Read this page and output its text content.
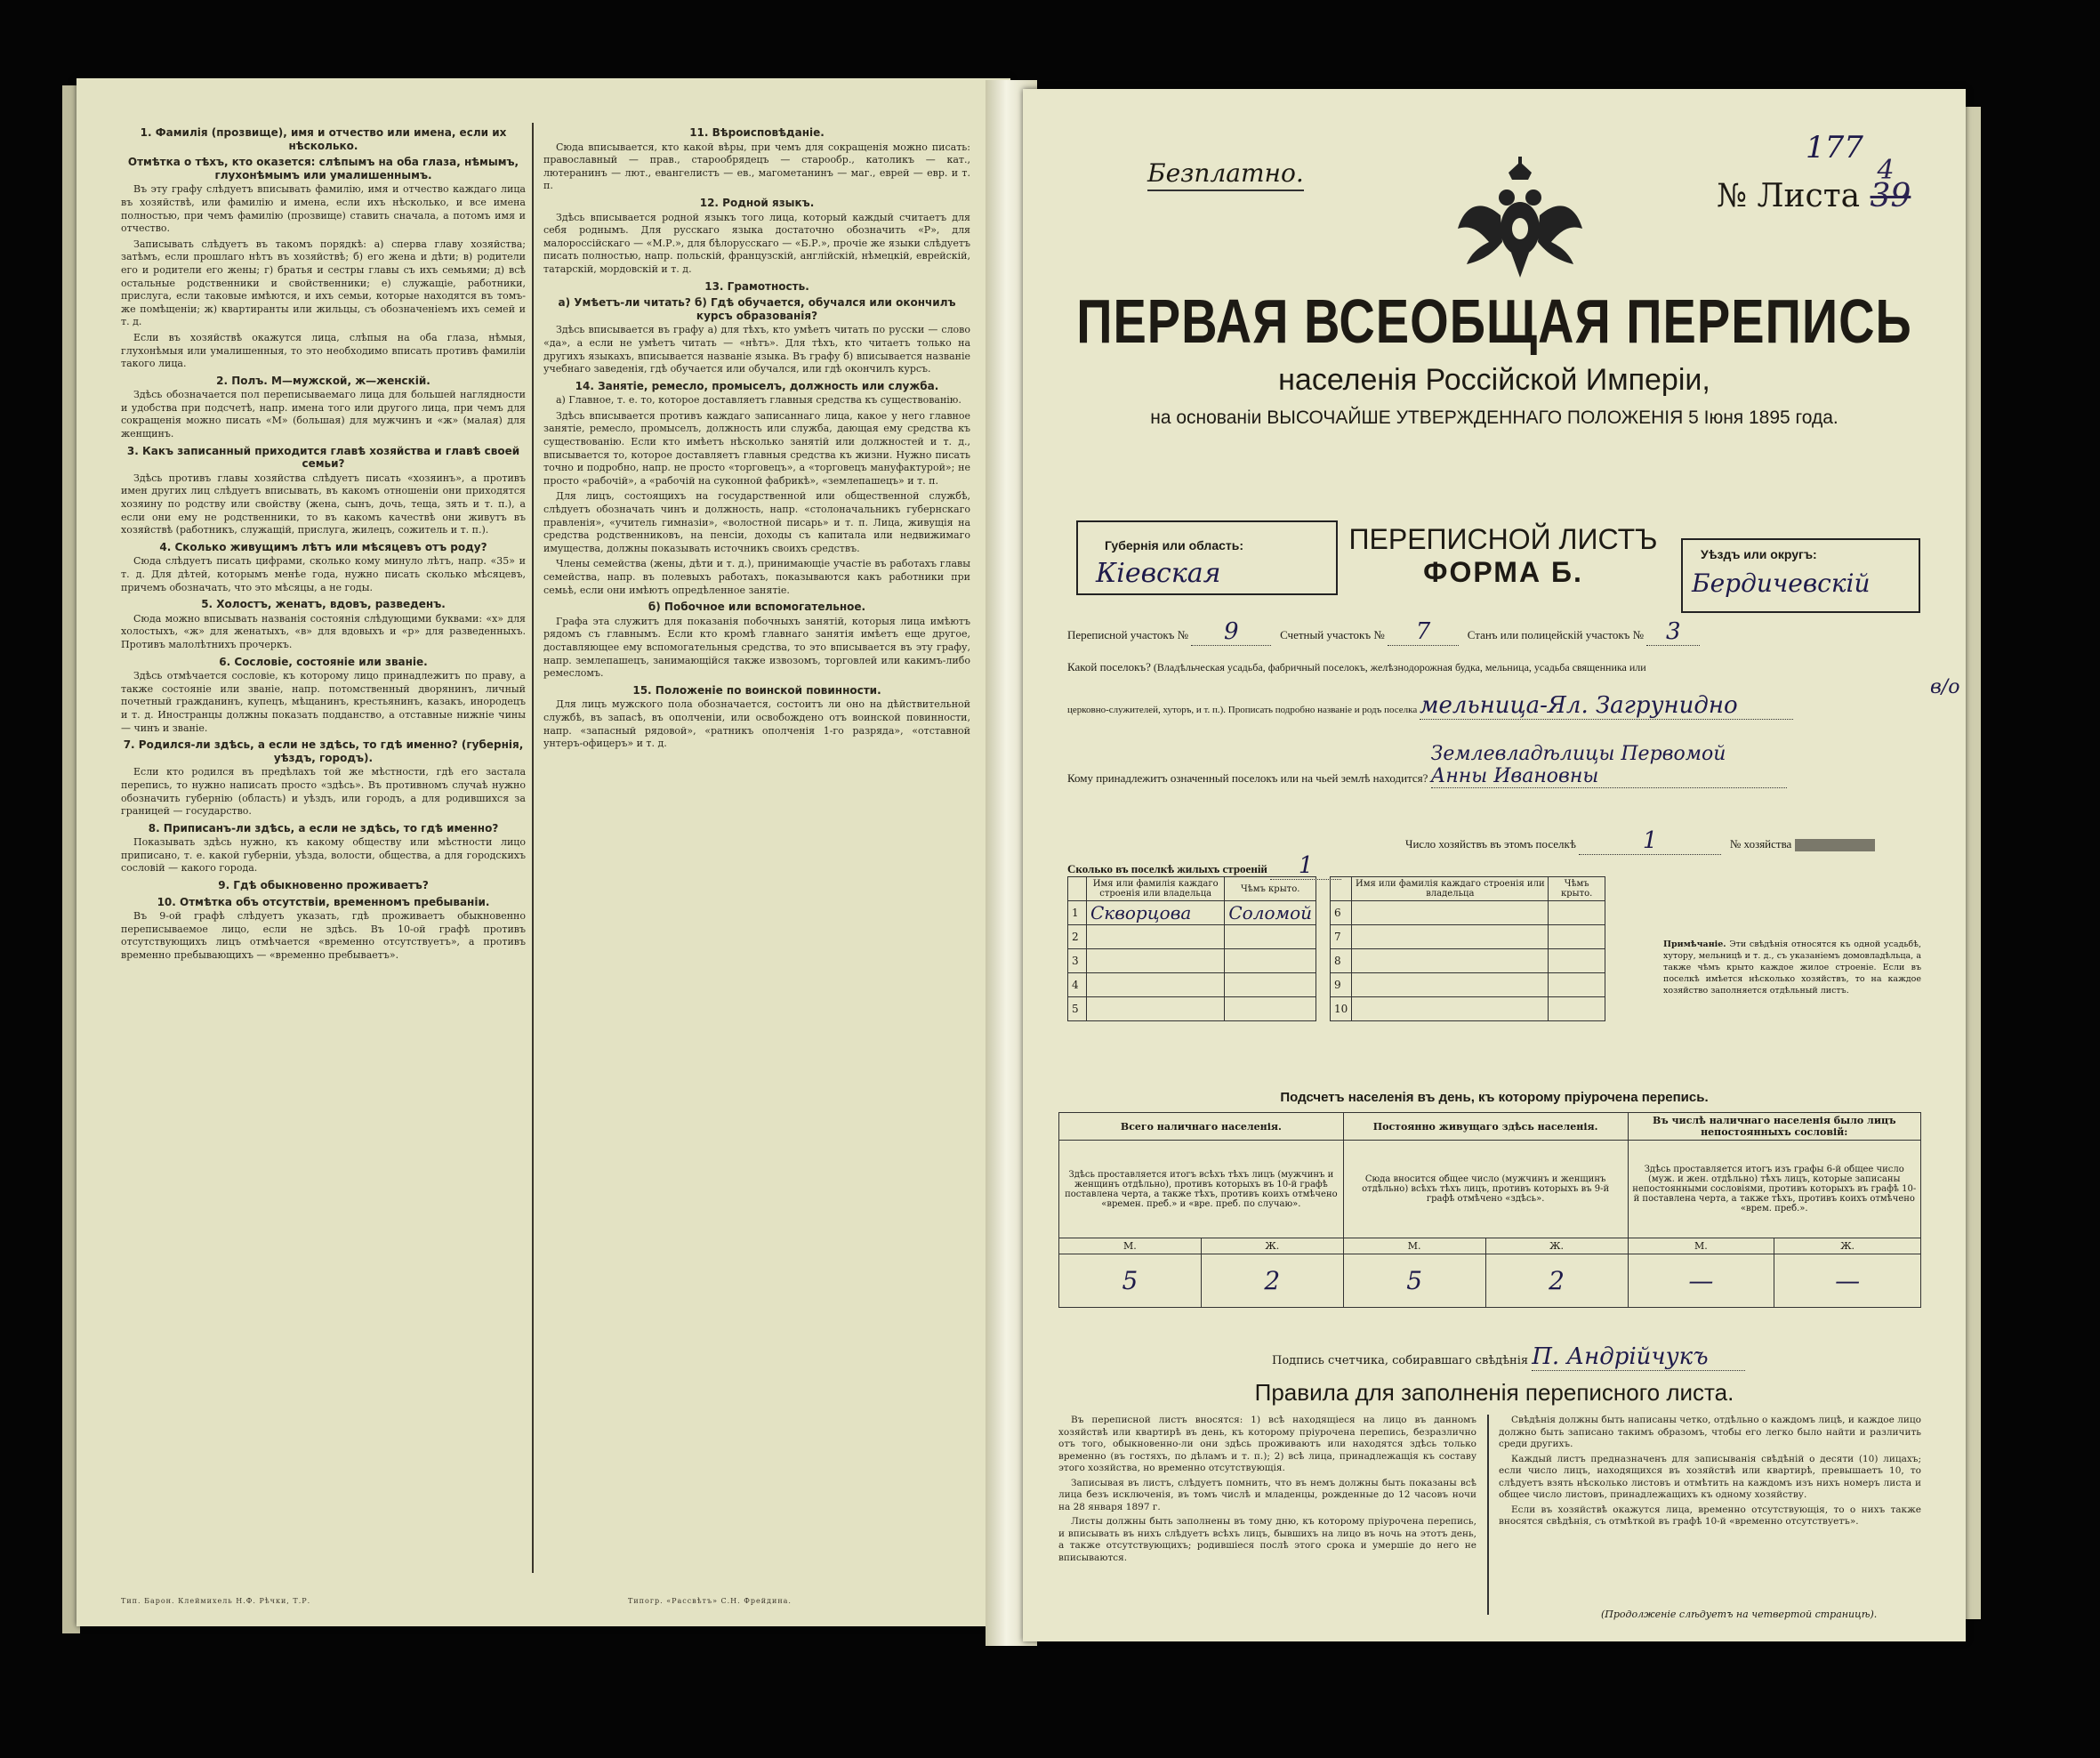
1. Фамилія (прозвище), имя и отчество или имена, если их нѣсколько.
Отмѣтка о тѣхъ, кто оказется: слѣпымъ на оба глаза, нѣмымъ, глухонѣмымъ или умалишеннымъ.

Въ эту графу слѣдуетъ вписывать фамилію, имя и отчество каждаго лица въ хозяйствѣ, или фамилію и имена, если ихъ нѣсколько, и все имена полностью, при чемъ фамилію (прозвище) ставить сначала, а потомъ имя и отчество.

Записывать слѣдуетъ въ такомъ порядкѣ: а) сперва главу хозяйства; затѣмъ, если прошлаго нѣтъ въ хозяйствѣ; б) его жена и дѣти; в) родители его и родители его жены; г) братья и сестры главы съ ихъ семьями; д) всѣ остальные родственники и свойственники; е) служащіе, работники, прислуга, если таковые имѣются, и ихъ семьи, которые находятся въ томъ-же помѣщеніи; ж) квартиранты или жильцы, съ обозначеніемъ ихъ семей и т. д.

Если въ хозяйствѣ окажутся лица, слѣпыя на оба глаза, нѣмыя, глухонѣмыя или умалишенныя, то это необходимо вписать противъ фамиліи такого лица.

2. Полъ. М—мужской, ж—женскій.

Здѣсь обозначается пол переписываемаго лица для большей наглядности и удобства при подсчетѣ, напр. имена того или другого лица, при чемъ для сокращенія можно писать «М» (большая) для мужчинъ и «ж» (малая) для женщинъ.

3. Какъ записанный приходится главѣ хозяйства и главѣ своей семьи?

Здѣсь противъ главы хозяйства слѣдуетъ писать «хозяинъ», а противъ имен других лиц слѣдуетъ вписывать, въ какомъ отношеніи они приходятся хозяину по родству или свойству (жена, сынъ, дочь, теща, зять и т. п.), а если они ему не родственники, то въ какомъ качествѣ они живутъ въ хозяйствѣ (работникъ, служащій, прислуга, жилецъ, сожитель и т. п.).

4. Сколько живущимъ лѣтъ или мѣсяцевъ отъ роду?

Сюда слѣдуетъ писать цифрами, сколько кому минуло лѣтъ, напр. «35» и т. д. Для дѣтей, которымъ менѣе года, нужно писать сколько мѣсяцевъ, причемъ обозначать, что это мѣсяцы, а не годы.

5. Холостъ, женатъ, вдовъ, разведенъ.

Сюда можно вписывать названія состоянія слѣдующими буквами: «х» для холостыхъ, «ж» для женатыхъ, «в» для вдовыхъ и «р» для разведенныхъ. Противъ малолѣтнихъ прочеркъ.

6. Сословіе, состояніе или званіе.

Здѣсь отмѣчается сословіе, къ которому лицо принадлежитъ по праву, а также состояніе или званіе, напр. потомственный дворянинъ, личный почетный гражданинъ, купецъ, мѣщанинъ, крестьянинъ, казакъ, инородецъ и т. д. Иностранцы должны показать подданство, а отставные нижніе чины — чинъ и званіе.

7. Родился-ли здѣсь, а если не здѣсь, то гдѣ именно? (губернія, уѣздъ, городъ).

Если кто родился въ предѣлахъ той же мѣстности, гдѣ его застала перепись, то нужно написать просто «здѣсь». Въ противномъ случаѣ нужно обозначить губернію (область) и уѣздъ, или городъ, а для родившихся за границей — государство.

8. Приписанъ-ли здѣсь, а если не здѣсь, то гдѣ именно?

Показывать здѣсь нужно, къ какому обществу или мѣстности лицо приписано, т. е. какой губерніи, уѣзда, волости, общества, а для городскихъ сословій — какого города.

9. Гдѣ обыкновенно проживаетъ?
10. Отмѣтка объ отсутствіи, временномъ пребываніи.

Въ 9-ой графѣ слѣдуетъ указать, гдѣ проживаетъ обыкновенно переписываемое лицо, если не здѣсь. Въ 10-ой графѣ противъ отсутствующихъ лицъ отмѣчается «временно отсутствуетъ», а противъ временно пребывающихъ — «временно пребываетъ».

11. Вѣроисповѣданіе.

Сюда вписывается, кто какой вѣры, при чемъ для сокращенія можно писать: православный — прав., старообрядецъ — старообр., католикъ — кат., лютеранинъ — лют., евангелистъ — ев., магометанинъ — маг., еврей — евр. и т. п.

12. Родной языкъ.

Здѣсь вписывается родной языкъ того лица, который каждый считаетъ для себя роднымъ. Для русскаго языка достаточно обозначить «Р», для малороссійскаго — «М.Р.», для бѣлорусскаго — «Б.Р.», прочіе же языки слѣдуетъ писать полностью, напр. польскій, французскій, англійскій, нѣмецкій, еврейскій, татарскій, мордовскій и т. д.

13. Грамотность.
а) Умѣетъ-ли читать? б) Гдѣ обучается, обучался или окончилъ курсъ образованія?

Здѣсь вписывается въ графу а) для тѣхъ, кто умѣетъ читать по русски — слово «да», а если не умѣетъ читать — «нѣтъ». Для тѣхъ, кто читаетъ только на другихъ языкахъ, вписывается названіе языка. Въ графу б) вписывается названіе учебнаго заведенія, гдѣ обучается или обучался, или гдѣ окончилъ курсъ.

14. Занятіе, ремесло, промыселъ, должность или служба.

а) Главное, т. е. то, которое доставляетъ главныя средства къ существованію.

Здѣсь вписывается противъ каждаго записаннаго лица, какое у него главное занятіе, ремесло, промыселъ, должность или служба, дающая ему средства къ существованію. Если кто имѣетъ нѣсколько занятій или должностей и т. д., вписывается то, которое доставляетъ главныя средства къ жизни. Нужно писать точно и подробно, напр. не просто «торговецъ», а «торговецъ мануфактурой»; не просто «рабочій», а «рабочій на суконной фабрикѣ», «землепашецъ» и т. п.

Для лицъ, состоящихъ на государственной или общественной службѣ, слѣдуетъ обозначать чинъ и должность, напр. «столоначальникъ губернскаго правленія», «учитель гимназіи», «волостной писарь» и т. п. Лица, живущія на средства родственниковъ, на пенсіи, доходы съ капитала или недвижимаго имущества, должны показывать источникъ своихъ средствъ.

Члены семейства (жены, дѣти и т. д.), принимающіе участіе въ работахъ главы семейства, напр. въ полевыхъ работахъ, показываются какъ работники при семьѣ, если они имѣютъ опредѣленное занятіе.

б) Побочное или вспомогательное.

Графа эта служитъ для показанія побочныхъ занятій, которыя лица имѣютъ рядомъ съ главнымъ. Если кто кромѣ главнаго занятія имѣетъ еще другое, доставляющее ему вспомогательныя средства, то это вписывается въ эту графу, напр. землепашецъ, занимающійся также извозомъ, торговлей или какимъ-либо ремесломъ.

15. Положеніе по воинской повинности.

Для лицъ мужского пола обозначается, состоитъ ли оно на дѣйствительной службѣ, въ запасѣ, въ ополченіи, или освобождено отъ воинской повинности, напр. «запасный рядовой», «ратникъ ополченія 1-го разряда», «отставной унтеръ-офицеръ» и т. д.

Тип. Барон. Клеймихель Н.Ф. Рѣчки, Т.Р.	Типогр. «Рассвѣтъ» С.Н. Фрейдина.
Безплатно.
177
№ Листа 39
4
ПЕРВАЯ ВСЕОБЩАЯ ПЕРЕПИСЬ
населенія Россійской Имперіи,
на основаніи ВЫСОЧАЙШЕ УТВЕРЖДЕННАГО ПОЛОЖЕНІЯ 5 Іюня 1895 года.
Губернія или область:
Кіевская
ПЕРЕПИСНОЙ ЛИСТЪ
ФОРМА Б.
Уѣздъ или округъ:
Бердичевскій
Переписной участокъ № 9	Счетный участокъ № 7	Станъ или полицейскій участокъ № 3
Какой поселокъ? (Владѣльческая усадьба, фабричный поселокъ, желѣзнодорожная будка, мельница, усадьба священника или
церковно-служителей, хуторъ, и т. п.). Прописать подробно названіе и родъ поселка мельница-Ял. Загрунидно
в/о
Кому принадлежитъ означенный поселокъ или на чьей землѣ находится? Землевладѣлицы Первомой Анны Ивановны
Число хозяйствъ въ этомъ поселкѣ	1	№ хозяйства
Сколько въ поселкѣ жилыхъ строеній 1
	Имя или фамилія каждаго строенія или владельца	Чѣмъ крыто.
1	Скворцова	Соломой
2		
3		
4		
5		
	Имя или фамилія каждаго строенія или владельца	Чѣмъ крыто.
6		
7		
8		
9		
10		
Примѣчаніе. Эти свѣдѣнія относятся къ одной усадьбѣ, хутору, мельницѣ и т. д., съ указаніемъ домовладѣльца, а также чѣмъ крыто каждое жилое строеніе. Если въ поселкѣ имѣется нѣсколько хозяйствъ, то на каждое хозяйство заполняется отдѣльный листъ.
Подсчетъ населенія въ день, къ которому пріурочена перепись.
Всего наличнаго населенія.		Постоянно живущаго здѣсь населенія.		Въ числѣ наличнаго населенія было лицъ непостоянныхъ сословій:	
Здѣсь проставляется итогъ всѣхъ тѣхъ лицъ (мужчинъ и женщинъ отдѣльно), противъ которыхъ въ 10-й графѣ поставлена черта, а также тѣхъ, противъ коихъ отмѣчено «времен. преб.» и «вре. преб. по случаю».		Сюда вносится общее число (мужчинъ и женщинъ отдѣльно) всѣхъ тѣхъ лицъ, противъ которыхъ въ 9-й графѣ отмѣчено «здѣсь».		Здѣсь проставляется итогъ изъ графы 6-й общее число (муж. и жен. отдѣльно) тѣхъ лицъ, которые записаны непостоянными сословіями, противъ которыхъ въ графѣ 10-й поставлена черта, а также тѣхъ, противъ коихъ отмѣчено «врем. преб.».	
М.	Ж.	М.	Ж.	М.	Ж.
5	2	5	2	—	—
Подпись счетчика, собиравшаго свѣдѣнія П. Андрійчукъ
Правила для заполненія переписного листа.

Въ переписной листъ вносятся: 1) всѣ находящіеся на лицо въ данномъ хозяйствѣ или квартирѣ въ день, къ которому пріурочена перепись, безразлично отъ того, обыкновенно-ли они здѣсь проживаютъ или находятся здѣсь только временно (въ гостяхъ, по дѣламъ и т. п.); 2) всѣ лица, принадлежащія къ составу этого хозяйства, но временно отсутствующія.

Записывая въ листъ, слѣдуетъ помнить, что въ немъ должны быть показаны всѣ лица безъ исключенія, въ томъ числѣ и младенцы, рожденные до 12 часовъ ночи на 28 января 1897 г.

Листы должны быть заполнены въ тому дню, къ которому пріурочена перепись, и вписывать въ нихъ слѣдуетъ всѣхъ лицъ, бывшихъ на лицо въ ночь на этотъ день, а также отсутствующихъ; родившіеся послѣ этого срока и умершіе до него не вписываются.

Свѣдѣнія должны быть написаны четко, отдѣльно о каждомъ лицѣ, и каждое лицо должно быть записано такимъ образомъ, чтобы его легко было найти и различить среди другихъ.

Каждый листъ предназначенъ для записыванія свѣдѣній о десяти (10) лицахъ; если число лицъ, находящихся въ хозяйствѣ или квартирѣ, превышаетъ 10, то слѣдуетъ взять нѣсколько листовъ и отмѣтить на каждомъ изъ нихъ номеръ листа и общее число листовъ, принадлежащихъ къ одному хозяйству.

Если въ хозяйствѣ окажутся лица, временно отсутствующія, то о нихъ также вносятся свѣдѣнія, съ отмѣткой въ графѣ 10-й «временно отсутствуетъ».

(Продолженіе слѣдуетъ на четвертой страницѣ).
